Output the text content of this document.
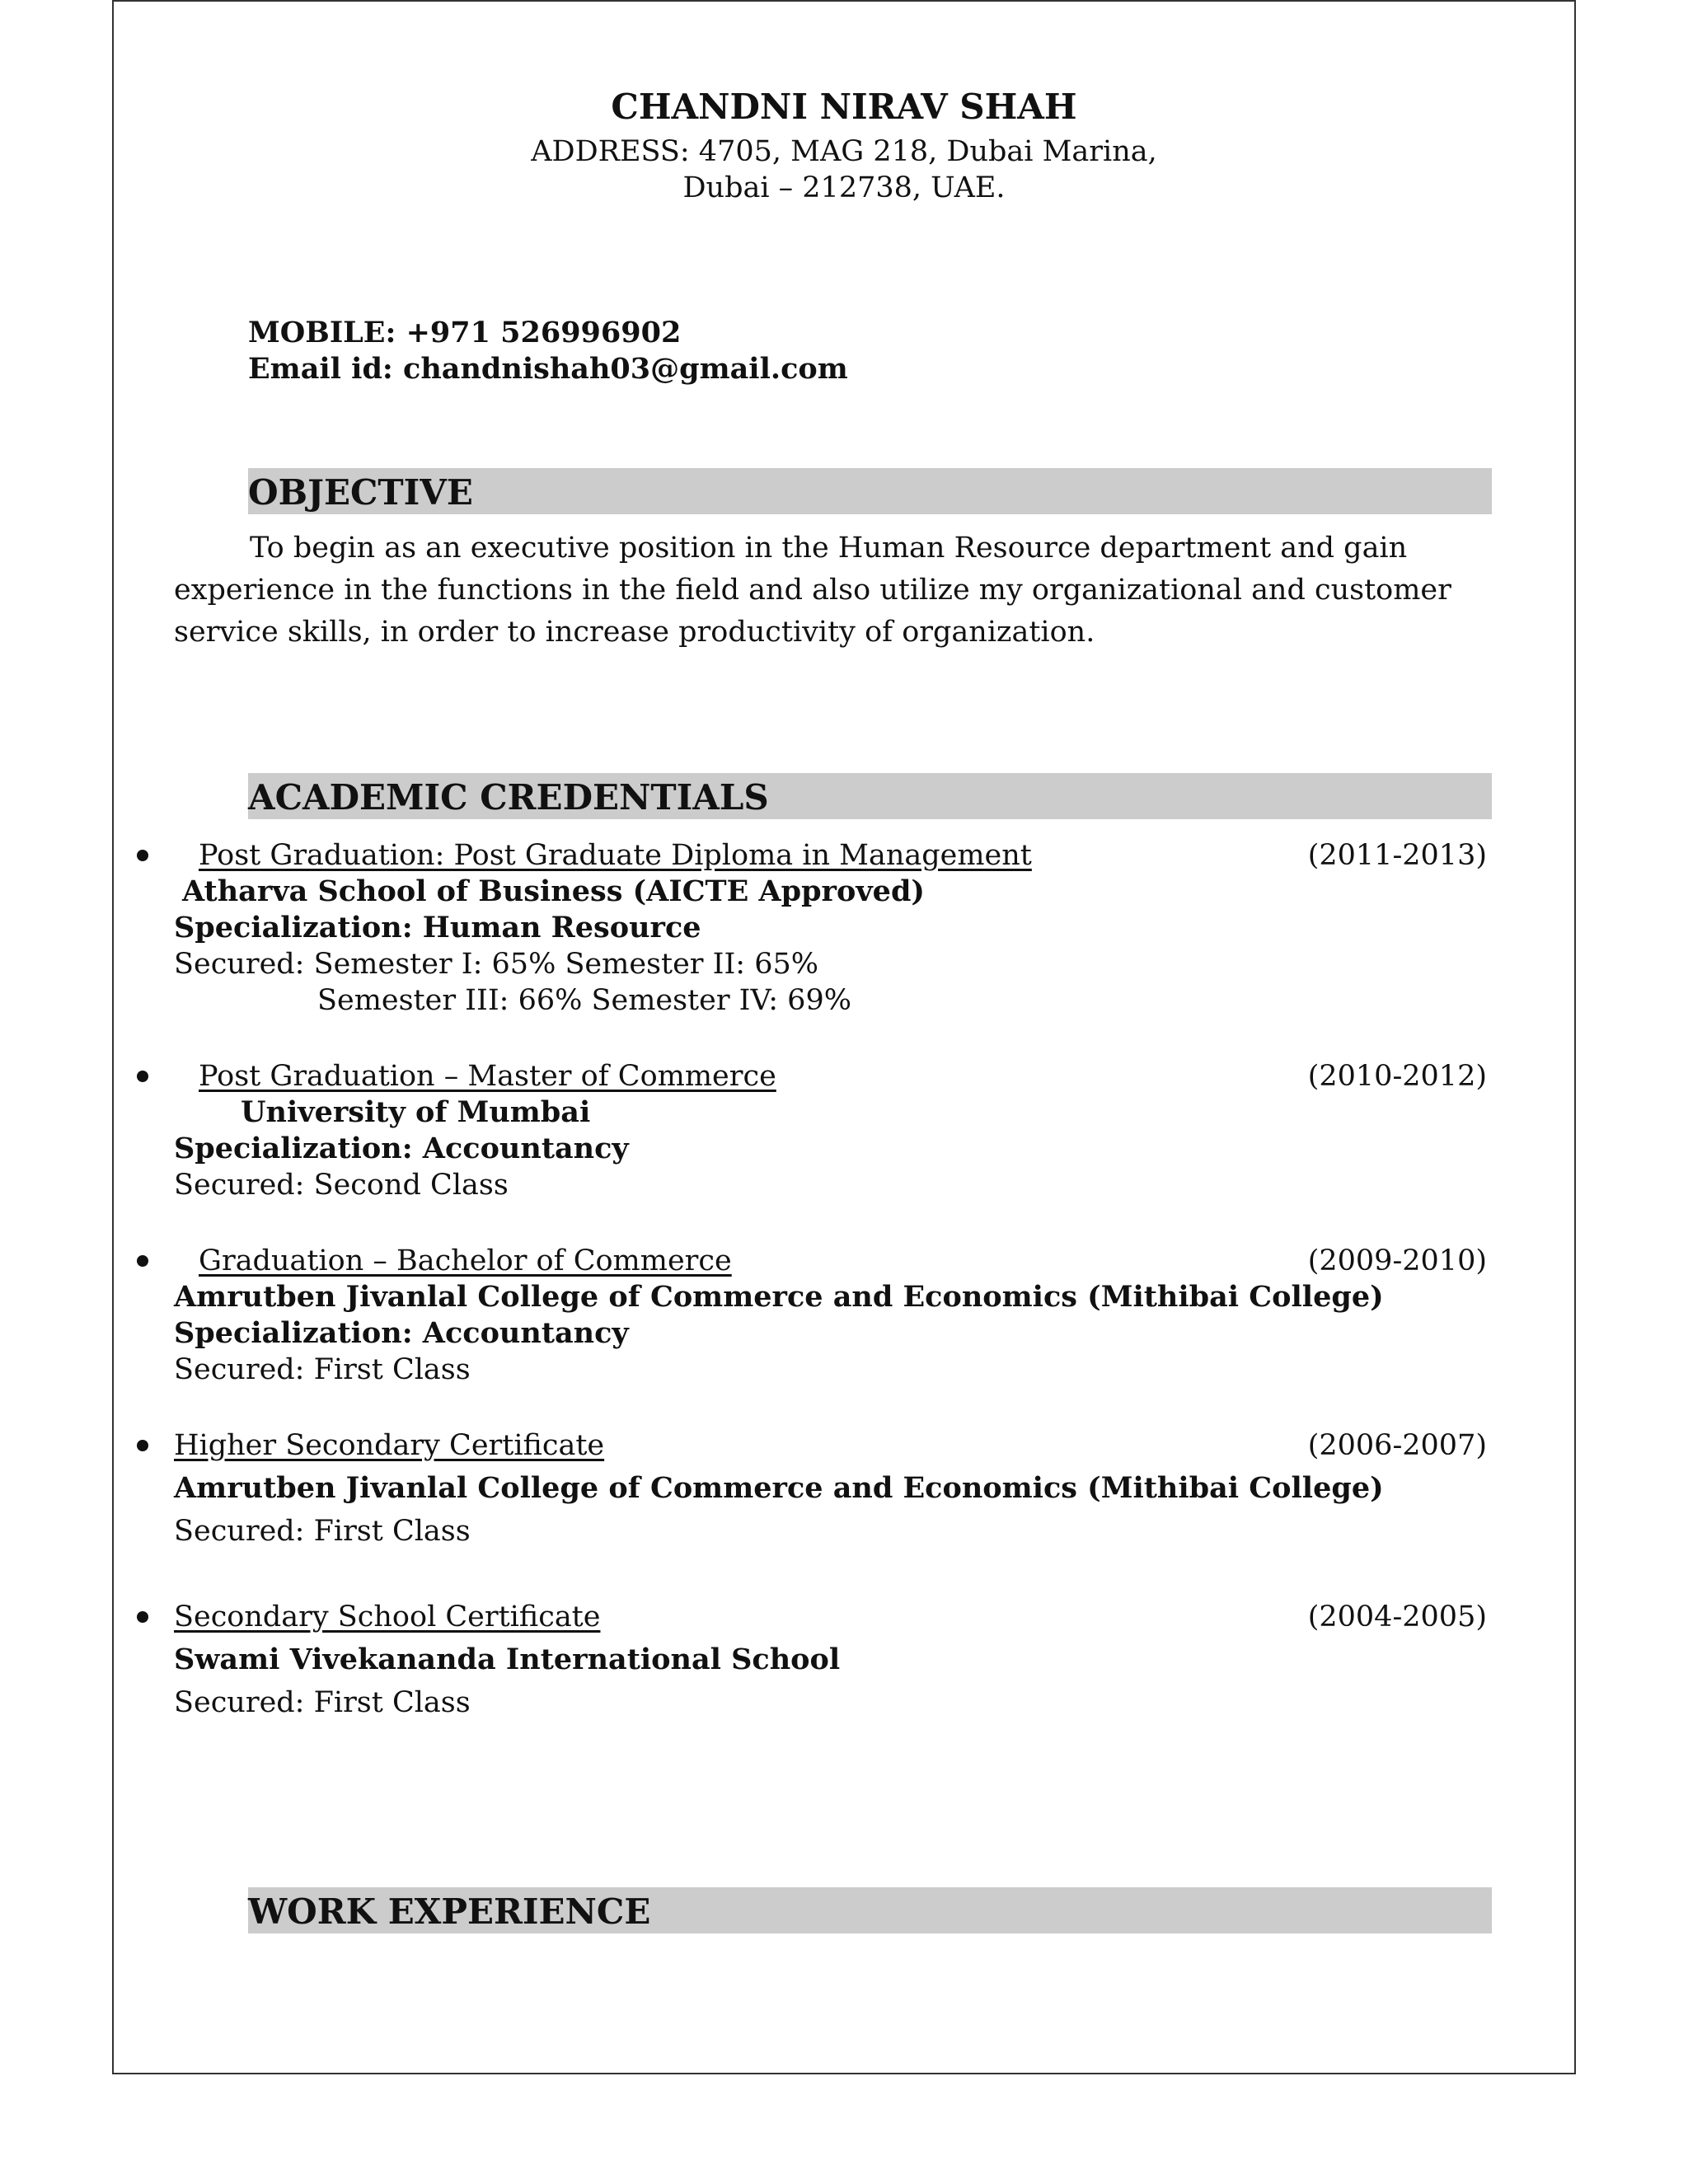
CHANDNI NIRAV SHAH
ADDRESS: 4705, MAG 218, Dubai Marina,
Dubai – 212738, UAE.
MOBILE: +971 526996902
Email id: chandnishah03@gmail.com
OBJECTIVE
To begin as an executive position in the Human Resource department and gain experience in the functions in the field and also utilize my organizational and customer service skills, in order to increase productivity of organization.
ACADEMIC CREDENTIALS
Post Graduation: Post Graduate Diploma in Management	(2011-2013)
Atharva School of Business (AICTE Approved)
Specialization: Human Resource
Secured: Semester I: 65% Semester II: 65%
Semester III: 66% Semester IV: 69%
Post Graduation – Master of Commerce	(2010-2012)
University of Mumbai
Specialization: Accountancy
Secured: Second Class
Graduation – Bachelor of Commerce	(2009-2010)
Amrutben Jivanlal College of Commerce and Economics (Mithibai College)
Specialization: Accountancy
Secured: First Class
Higher Secondary Certificate	(2006-2007)
Amrutben Jivanlal College of Commerce and Economics (Mithibai College)
Secured: First Class
Secondary School Certificate	(2004-2005)
Swami Vivekananda International School
Secured: First Class
WORK EXPERIENCE
